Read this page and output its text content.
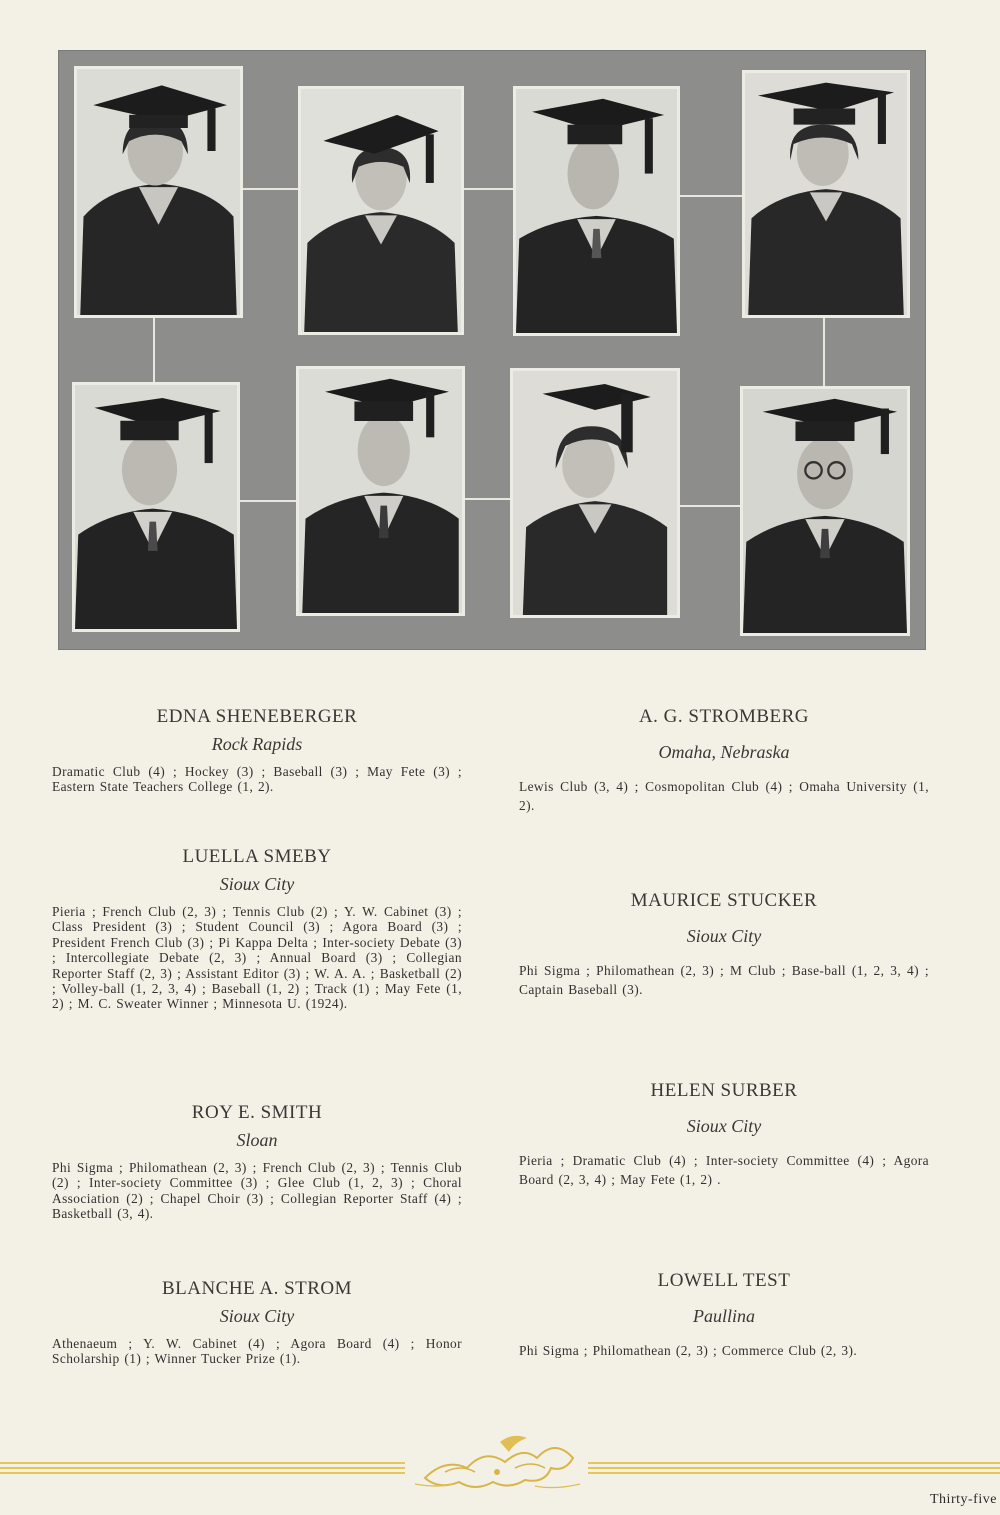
EDNA SHENEBERGER
Rock Rapids
Dramatic Club (4) ; Hockey (3) ; Baseball (3) ; May Fete (3) ; Eastern State Teachers College (1, 2).
LUELLA SMEBY
Sioux City
Pieria ; French Club (2, 3) ; Tennis Club (2) ; Y. W. Cabinet (3) ; Class President (3) ; Student Council (3) ; Agora Board (3) ; President French Club (3) ; Pi Kappa Delta ; Inter-society Debate (3) ; Intercollegiate Debate (2, 3) ; Annual Board (3) ; Collegian Reporter Staff (2, 3) ; Assistant Editor (3) ; W. A. A. ; Basketball (2) ; Volley-ball (1, 2, 3, 4) ; Baseball (1, 2) ; Track (1) ; May Fete (1, 2) ; M. C. Sweater Winner ; Minnesota U. (1924).
ROY E. SMITH
Sloan
Phi Sigma ; Philomathean (2, 3) ; French Club (2, 3) ; Tennis Club (2) ; Inter-society Committee (3) ; Glee Club (1, 2, 3) ; Choral Association (2) ; Chapel Choir (3) ; Collegian Reporter Staff (4) ; Basketball (3, 4).
BLANCHE A. STROM
Sioux City
Athenaeum ; Y. W. Cabinet (4) ; Agora Board (4) ; Honor Scholarship (1) ; Winner Tucker Prize (1).
A. G. STROMBERG
Omaha, Nebraska
Lewis Club (3, 4) ; Cosmopolitan Club (4) ; Omaha University (1, 2).
MAURICE STUCKER
Sioux City
Phi Sigma ; Philomathean (2, 3) ; M Club ; Base-ball (1, 2, 3, 4) ; Captain Baseball (3).
HELEN SURBER
Sioux City
Pieria ; Dramatic Club (4) ; Inter-society Committee (4) ; Agora Board (2, 3, 4) ; May Fete (1, 2) .
LOWELL TEST
Paullina
Phi Sigma ; Philomathean (2, 3) ; Commerce Club (2, 3).
Thirty-five
